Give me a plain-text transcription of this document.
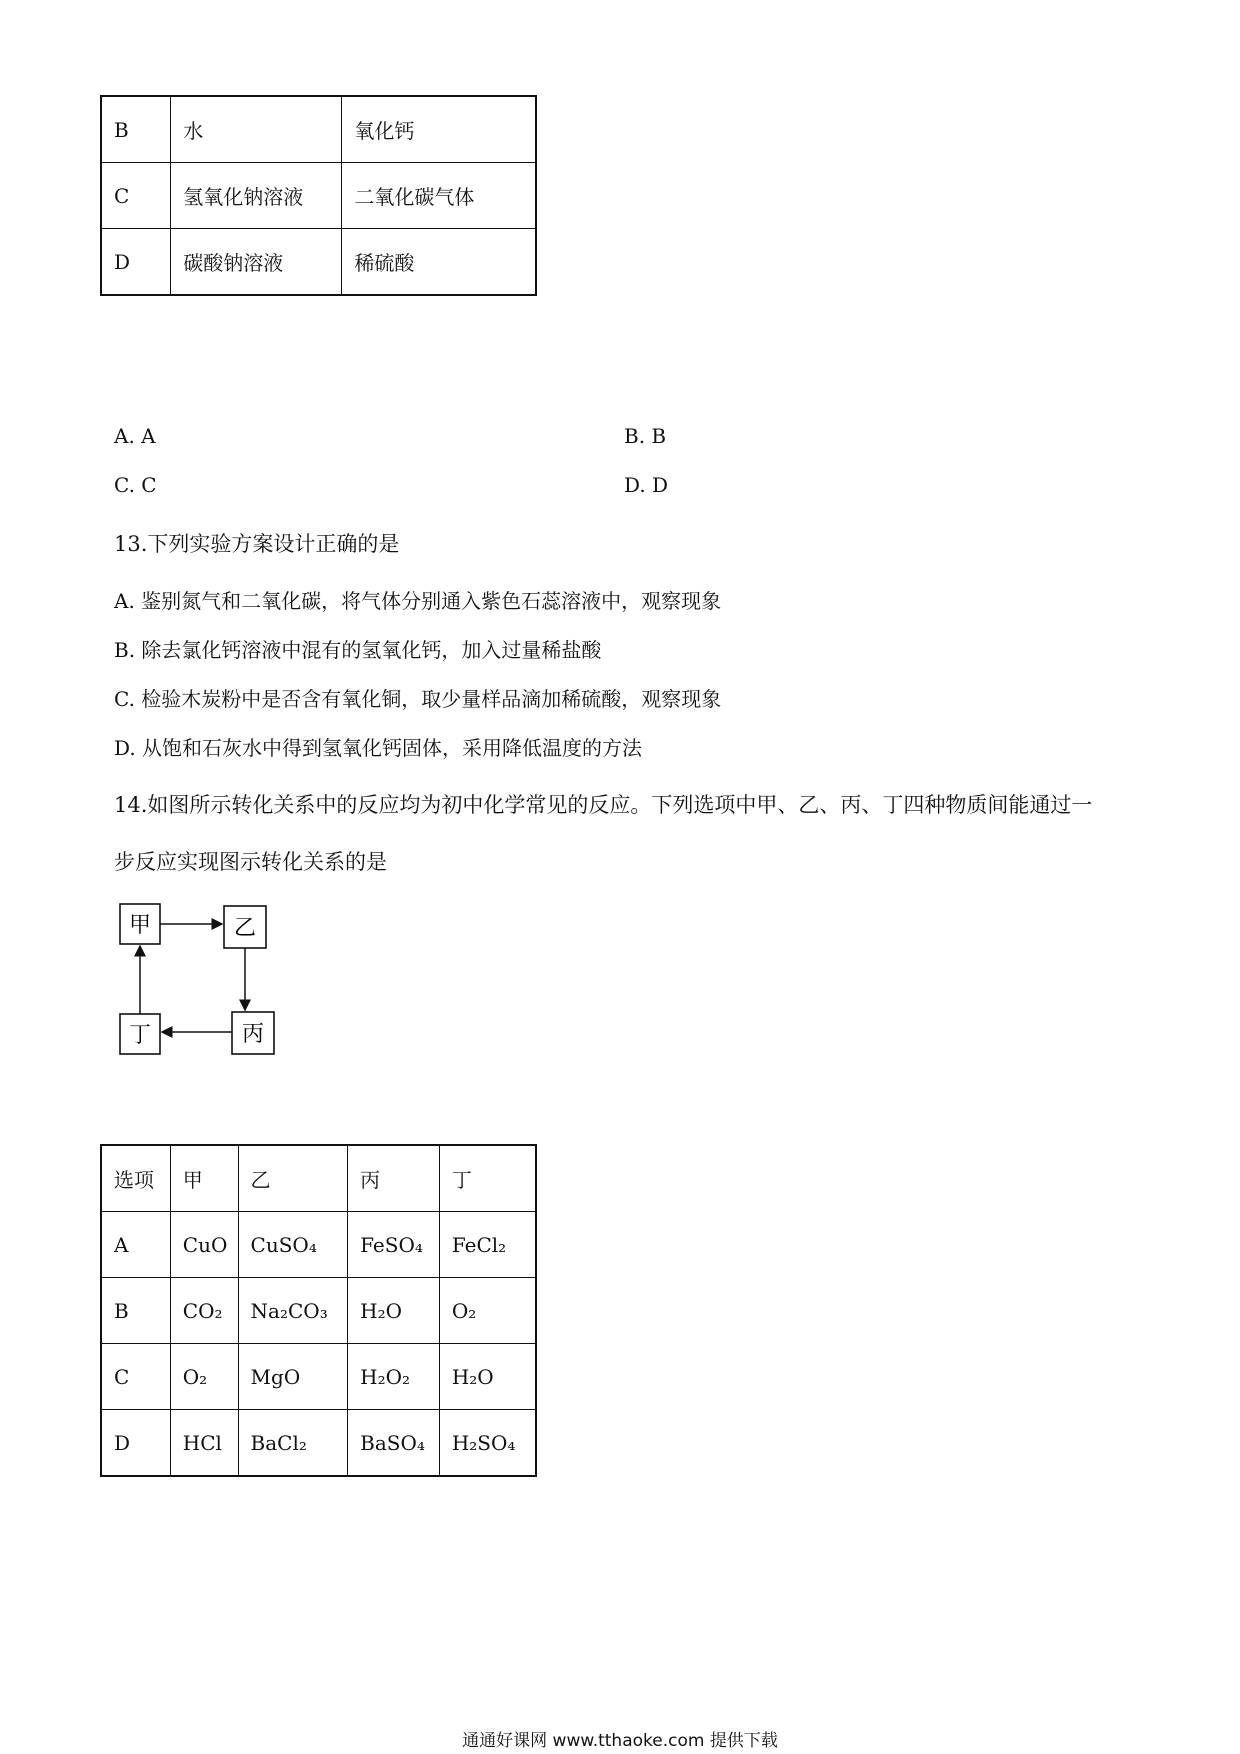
B	水	氧化钙
C	氢氧化钠溶液	二氧化碳气体
D	碳酸钠溶液	稀硫酸
A. A	B. B
C. C	D. D
13.下列实验方案设计正确的是
A. 鉴别氮气和二氧化碳，将气体分别通入紫色石蕊溶液中，观察现象
B. 除去氯化钙溶液中混有的氢氧化钙，加入过量稀盐酸
C. 检验木炭粉中是否含有氧化铜，取少量样品滴加稀硫酸，观察现象
D. 从饱和石灰水中得到氢氧化钙固体，采用降低温度的方法
14.如图所示转化关系中的反应均为初中化学常见的反应。下列选项中甲、乙、丙、丁四种物质间能通过一
步反应实现图示转化关系的是
甲	乙
丙
丁
选项	甲	乙	丙	丁
A	CuO	CuSO₄	FeSO₄	FeCl₂
B	CO₂	Na₂CO₃	H₂O	O₂
C	O₂	MgO	H₂O₂	H₂O
D	HCl	BaCl₂	BaSO₄	H₂SO₄
通通好课网 www.tthaoke.com 提供下载
